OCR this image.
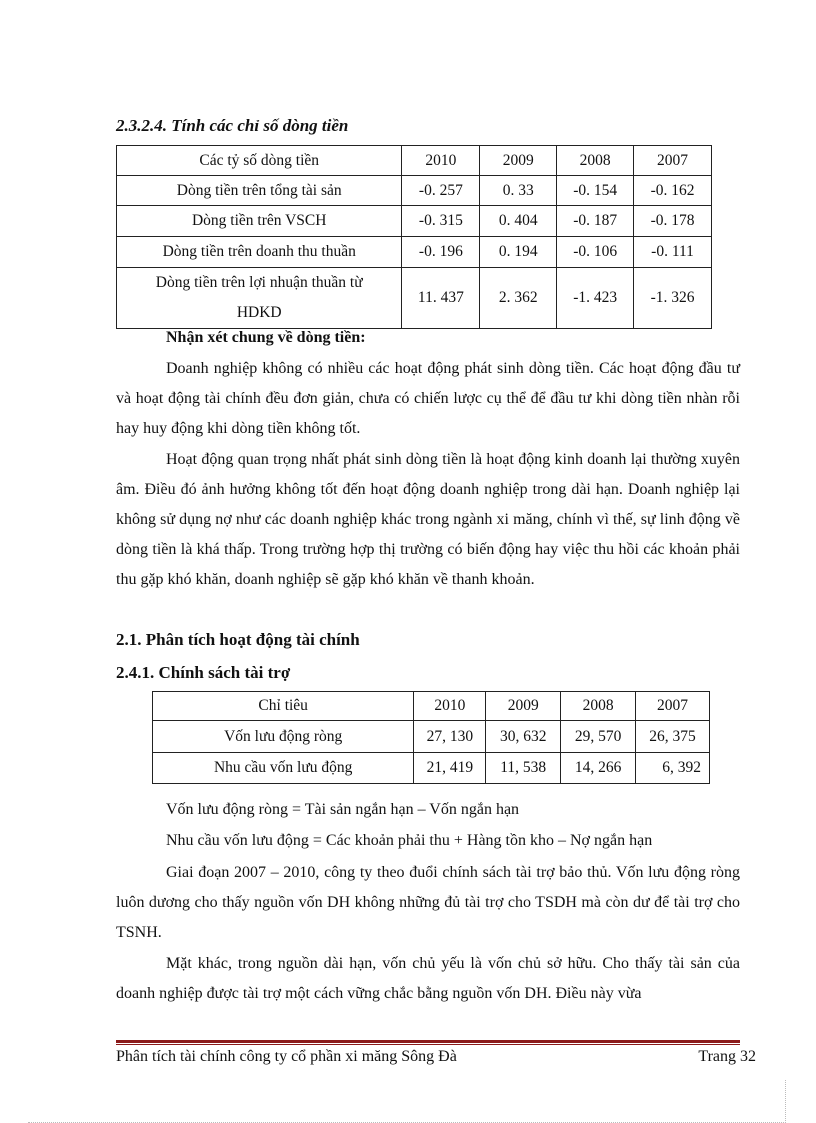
2.3.2.4. Tính các chỉ số dòng tiền
Các tỷ số dòng tiền	2010	2009	2008	2007
Dòng tiền trên tổng tài sản	-0. 257	0. 33	-0. 154	-0. 162
Dòng tiền trên VSCH	-0. 315	0. 404	-0. 187	-0. 178
Dòng tiền trên doanh thu thuần	-0. 196	0. 194	-0. 106	-0. 111
Dòng tiền trên lợi nhuận thuần từ HDKD	11. 437	2. 362	-1. 423	-1. 326
Nhận xét chung về dòng tiền:

Doanh nghiệp không có nhiều các hoạt động phát sinh dòng tiền. Các hoạt động đầu tư và hoạt động tài chính đều đơn giản, chưa có chiến lược cụ thể để đầu tư khi dòng tiền nhàn rỗi hay huy động khi dòng tiền không tốt.

Hoạt động quan trọng nhất phát sinh dòng tiền là hoạt động kinh doanh lại thường xuyên âm. Điều đó ảnh hưởng không tốt đến hoạt động doanh nghiệp trong dài hạn. Doanh nghiệp lại không sử dụng nợ như các doanh nghiệp khác trong ngành xi măng, chính vì thế, sự linh động về dòng tiền là khá thấp. Trong trường hợp thị trường có biến động hay việc thu hồi các khoản phải thu gặp khó khăn, doanh nghiệp sẽ gặp khó khăn về thanh khoản.

2.1. Phân tích hoạt động tài chính
2.4.1. Chính sách tài trợ
Chỉ tiêu	2010	2009	2008	2007
Vốn lưu động ròng	27, 130	30, 632	29, 570	26, 375
Nhu cầu vốn lưu động	21, 419	11, 538	14, 266	6, 392
Vốn lưu động ròng = Tài sản ngắn hạn – Vốn ngắn hạn
Nhu cầu vốn lưu động = Các khoản phải thu + Hàng tồn kho – Nợ ngắn hạn

Giai đoạn 2007 – 2010, công ty theo đuổi chính sách tài trợ bảo thủ. Vốn lưu động ròng luôn dương cho thấy nguồn vốn DH không những đủ tài trợ cho TSDH mà còn dư để tài trợ cho TSNH.

Mặt khác, trong nguồn dài hạn, vốn chủ yếu là vốn chủ sở hữu. Cho thấy tài sản của doanh nghiệp được tài trợ một cách vững chắc bằng nguồn vốn DH. Điều này vừa

Phân tích tài chính công ty cổ phần xi măng Sông Đà	Trang 32
